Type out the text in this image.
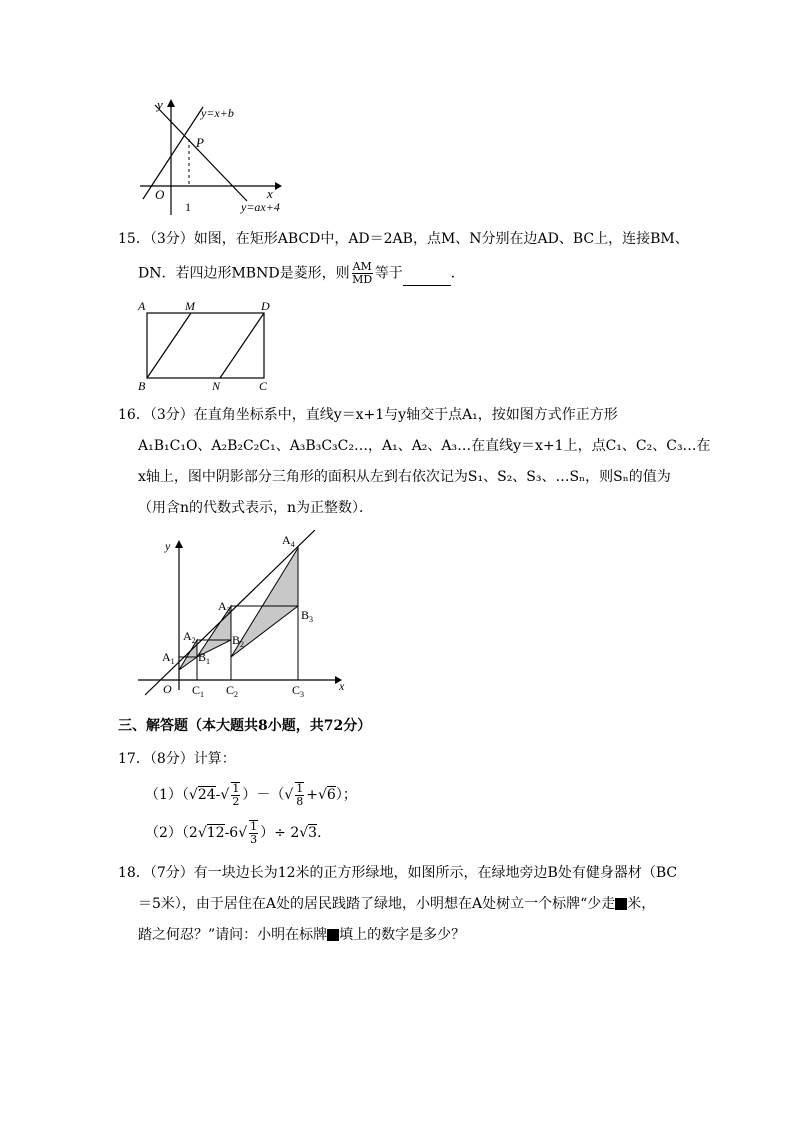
y
x
O
P
y=x+b
y=ax+4
1
15．（3分）如图，在矩形ABCD中，AD＝2AB，点M、N分别在边AD、BC上，连接BM、
DN．若四边形MBND是菱形，则 $\frac{AM}{MD}$ 等于	．
A	M	D
B	N	C
16．（3分）在直角坐标系中，直线y＝x+1与y轴交于点A₁，按如图方式作正方形
A₁B₁C₁O、A₂B₂C₂C₁、A₃B₃C₃C₂…，A₁、A₂、A₃…在直线y＝x+1上，点C₁、C₂、C₃…在
x轴上，图中阴影部分三角形的面积从左到右依次记为S₁、S₂、S₃、…Sₙ，则Sₙ的值为
（用含n的代数式表示，n为正整数）．
y
x
O
$A_1$
$A_2$
$A_3$
$A_4$
$B_1$
$B_2$
$B_3$
$C_1$ $C_2$	$C_3$
三、解答题（本大题共8小题，共72分）
17．（8分）计算：
$(1)(√24-√ \frac{1}{2}$ ）－（√ $\frac{1}{8} +√6$）；
$(2)(2√12-6√ \frac{1}{3}$ ）÷ 2√3．
18．（7分）有一块边长为12米的正方形绿地，如图所示，在绿地旁边B处有健身器材（BC
＝5米），由于居住在A处的居民践踏了绿地，小明想在A处树立一个标牌“少走 米，
踏之何忍？”请问：小明在标牌 填上的数字是多少？
